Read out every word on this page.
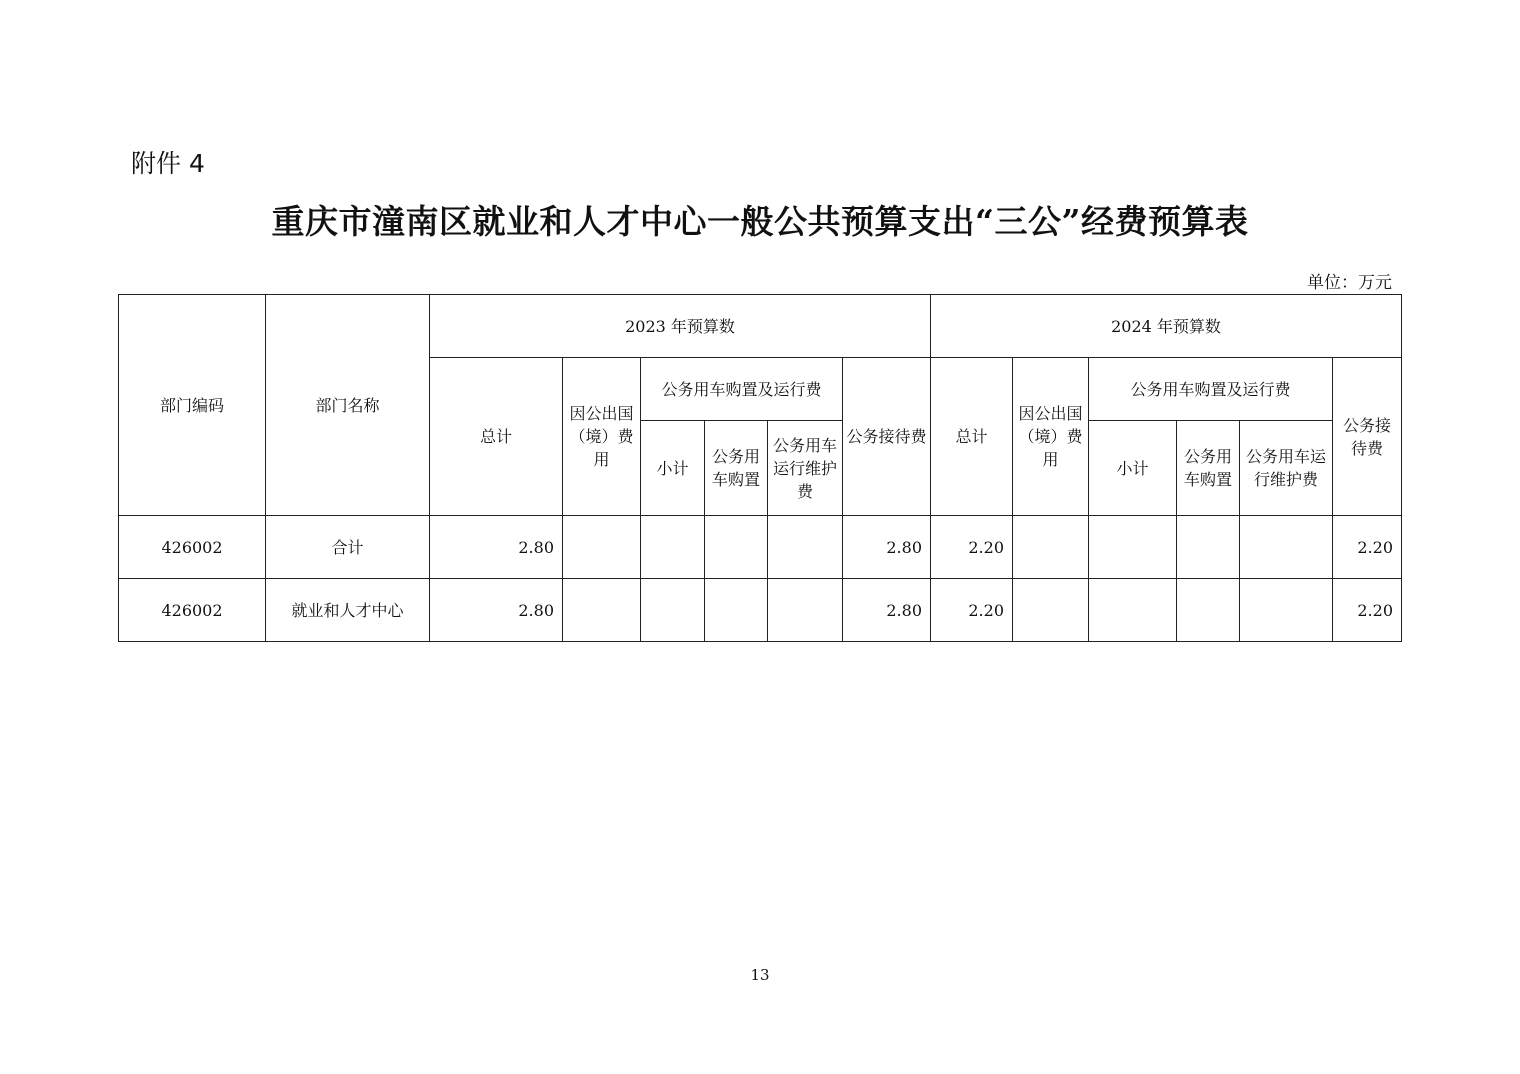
附件 4
重庆市潼南区就业和人才中心一般公共预算支出“三公”经费预算表
单位：万元
部门编码	部门名称	2023 年预算数						2024 年预算数					
		总计	因公出国（境）费用	公务用车购置及运行费			公务接待费	总计	因公出国（境）费用	公务用车购置及运行费			公务接待费
				小计	公务用车购置	公务用车运行维护费				小计	公务用车购置	公务用车运行维护费	
426002	合计	2.80					2.80	2.20					2.20
426002	就业和人才中心	2.80					2.80	2.20					2.20
13
